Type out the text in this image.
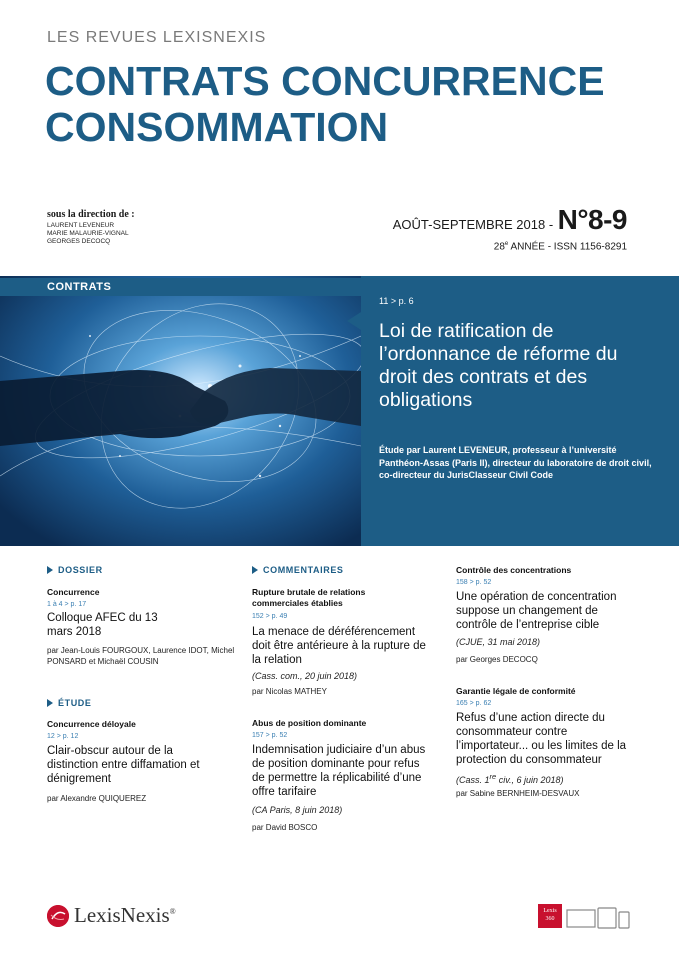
LES REVUES LEXISNEXIS
CONTRATS CONCURRENCE
CONSOMMATION
sous la direction de :
LAURENT LEVENEUR
MARIE MALAURIE-VIGNAL
GEORGES DECOCQ
AOÛT-SEPTEMBRE 2018 - N°8-9
28e ANNÉE - ISSN 1156-8291
CONTRATS
11 > p. 6
Loi de ratification de l’ordonnance de réforme du droit des contrats et des obligations
Étude par Laurent LEVENEUR, professeur à l’université Panthéon-Assas (Paris II), directeur du laboratoire de droit civil, co-directeur du JurisClasseur Civil Code
DOSSIER
Concurrence
1 à 4 > p. 17
Colloque AFEC du 13 mars 2018
par Jean-Louis FOURGOUX, Laurence IDOT, Michel PONSARD et Michaël COUSIN
ÉTUDE
Concurrence déloyale
12 > p. 12
Clair-obscur autour de la distinction entre diffamation et dénigrement
par Alexandre QUIQUEREZ
COMMENTAIRES
Rupture brutale de relations commerciales établies
152 > p. 49
La menace de déréférencement doit être antérieure à la rupture de la relation
(Cass. com., 20 juin 2018)
par Nicolas MATHEY
Abus de position dominante
157 > p. 52
Indemnisation judiciaire d’un abus de position dominante pour refus de permettre la réplicabilité d’une offre tarifaire
(CA Paris, 8 juin 2018)
par David BOSCO
Contrôle des concentrations
158 > p. 52
Une opération de concentration suppose un changement de contrôle de l’entreprise cible
(CJUE, 31 mai 2018)
par Georges DECOCQ
Garantie légale de conformité
165 > p. 62
Refus d’une action directe du consommateur contre l’importateur... ou les limites de la protection du consommateur
(Cass. 1re civ., 6 juin 2018)
par Sabine BERNHEIM-DESVAUX
LexisNexis®	Lexis
360
